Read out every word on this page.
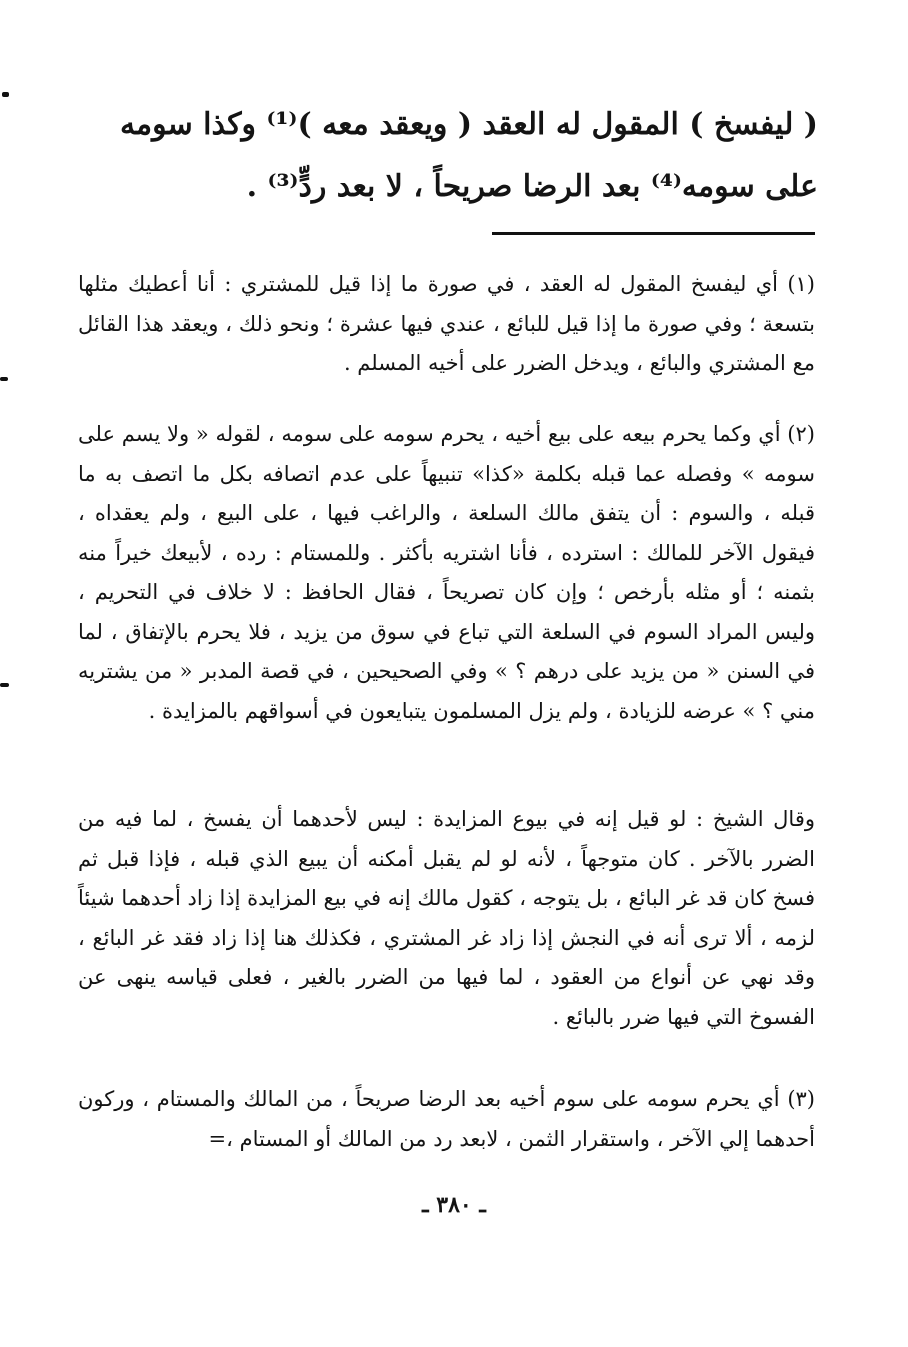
( ليفسخ ) المقول له العقد ( ويعقد معه )⁽¹⁾ وكذا سومه على سومه⁽⁴⁾ بعد الرضا صريحاً ، لا بعد ردٍّ⁽³⁾ .

(١) أي ليفسخ المقول له العقد ، في صورة ما إذا قيل للمشتري : أنا أعطيك مثلها بتسعة ؛ وفي صورة ما إذا قيل للبائع ، عندي فيها عشرة ؛ ونحو ذلك ، ويعقد هذا القائل مع المشتري والبائع ، ويدخل الضرر على أخيه المسلم .

(٢) أي وكما يحرم بيعه على بيع أخيه ، يحرم سومه على سومه ، لقوله « ولا يسم على سومه » وفصله عما قبله بكلمة «كذا» تنبيهاً على عدم اتصافه بكل ما اتصف به ما قبله ، والسوم : أن يتفق مالك السلعة ، والراغب فيها ، على البيع ، ولم يعقداه ، فيقول الآخر للمالك : استرده ، فأنا اشتريه بأكثر . وللمستام : رده ، لأبيعك خيراً منه بثمنه ؛ أو مثله بأرخص ؛ وإن كان تصريحاً ، فقال الحافظ : لا خلاف في التحريم ، وليس المراد السوم في السلعة التي تباع في سوق من يزيد ، فلا يحرم بالإتفاق ، لما في السنن « من يزيد على درهم ؟ » وفي الصحيحين ، في قصة المدبر « من يشتريه مني ؟ » عرضه للزيادة ، ولم يزل المسلمون يتبايعون في أسواقهم بالمزايدة .

وقال الشيخ : لو قيل إنه في بيوع المزايدة : ليس لأحدهما أن يفسخ ، لما فيه من الضرر بالآخر . كان متوجهاً ، لأنه لو لم يقبل أمكنه أن يبيع الذي قبله ، فإذا قبل ثم فسخ كان قد غر البائع ، بل يتوجه ، كقول مالك إنه في بيع المزايدة إذا زاد أحدهما شيئاً لزمه ، ألا ترى أنه في النجش إذا زاد غر المشتري ، فكذلك هنا إذا زاد فقد غر البائع ، وقد نهي عن أنواع من العقود ، لما فيها من الضرر بالغير ، فعلى قياسه ينهى عن الفسوخ التي فيها ضرر بالبائع .

(٣) أي يحرم سومه على سوم أخيه بعد الرضا صريحاً ، من المالك والمستام ، وركون أحدهما إلي الآخر ، واستقرار الثمن ، لابعد رد من المالك أو المستام ،=

ـ ٣٨٠ ـ
